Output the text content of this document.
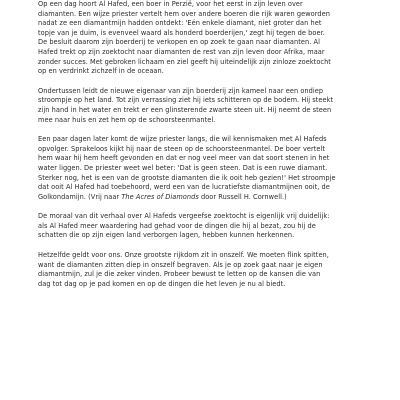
Op een dag hoort Al Hafed, een boer in Perzië, voor het eerst in zijn leven over
diamanten. Een wijze priester vertelt hem over andere boeren die rijk waren geworden
nadat ze een diamantmijn hadden ontdekt: 'Eén enkele diamant, niet groter dan het
topje van je duim, is evenveel waard als honderd boerderijen,' zegt hij tegen de boer.
De besluit daarom zijn boerderij te verkopen en op zoek te gaan naar diamanten. Al
Hafed trekt op zijn zoektocht naar diamanten de rest van zijn leven door Afrika, maar
zonder succes. Met gebroken lichaam en ziel geeft hij uiteindelijk zijn zinloze zoektocht
op en verdrinkt zichzelf in de oceaan.

Ondertussen leidt de nieuwe eigenaar van zijn boerderij zijn kameel naar een ondiep
stroompje op het land. Tot zijn verrassing ziet hij iets schitteren op de bodem. Hij steekt
zijn hand in het water en trekt er een glinsterende zwarte steen uit. Hij neemt de steen
mee naar huis en zet hem op de schoorsteenmantel.

Een paar dagen later komt de wijze priester langs, die wil kennismaken met Al Hafeds
opvolger. Sprakeloos kijkt hij naar de steen op de schoorsteenmantel. De boer vertelt
hem waar hij hem heeft gevonden en dat er nog veel meer van dat soort stenen in het
water liggen. De priester weet wel beter: 'Dat is geen steen. Dat is een ruwe diamant.
Sterker nog, het is een van de grootste diamanten die ik ooit heb gezien!' Het stroompje
dat ooit Al Hafed had toebehoord, werd een van de lucratiefste diamantmijnen ooit, de
Golkondamijn. (Vrij naar The Acres of Diamonds door Russell H. Cornwell.)

De moraal van dit verhaal over Al Hafeds vergeefse zoektocht is eigenlijk vrij duidelijk:
als Al Hafed meer waardering had gehad voor de dingen die hij al bezat, zou hij de
schatten die op zijn eigen land verborgen lagen, hebben kunnen herkennen.

Hetzelfde geldt voor ons. Onze grootste rijkdom zit in onszelf. We moeten flink spitten,
want de diamanten zitten diep in onszelf begraven. Als je op zoek gaat naar je eigen
diamantmijn, zul je die zeker vinden. Probeer bewust te letten op de kansen die van
dag tot dag op je pad komen en op de dingen die het leven je nu al biedt.
